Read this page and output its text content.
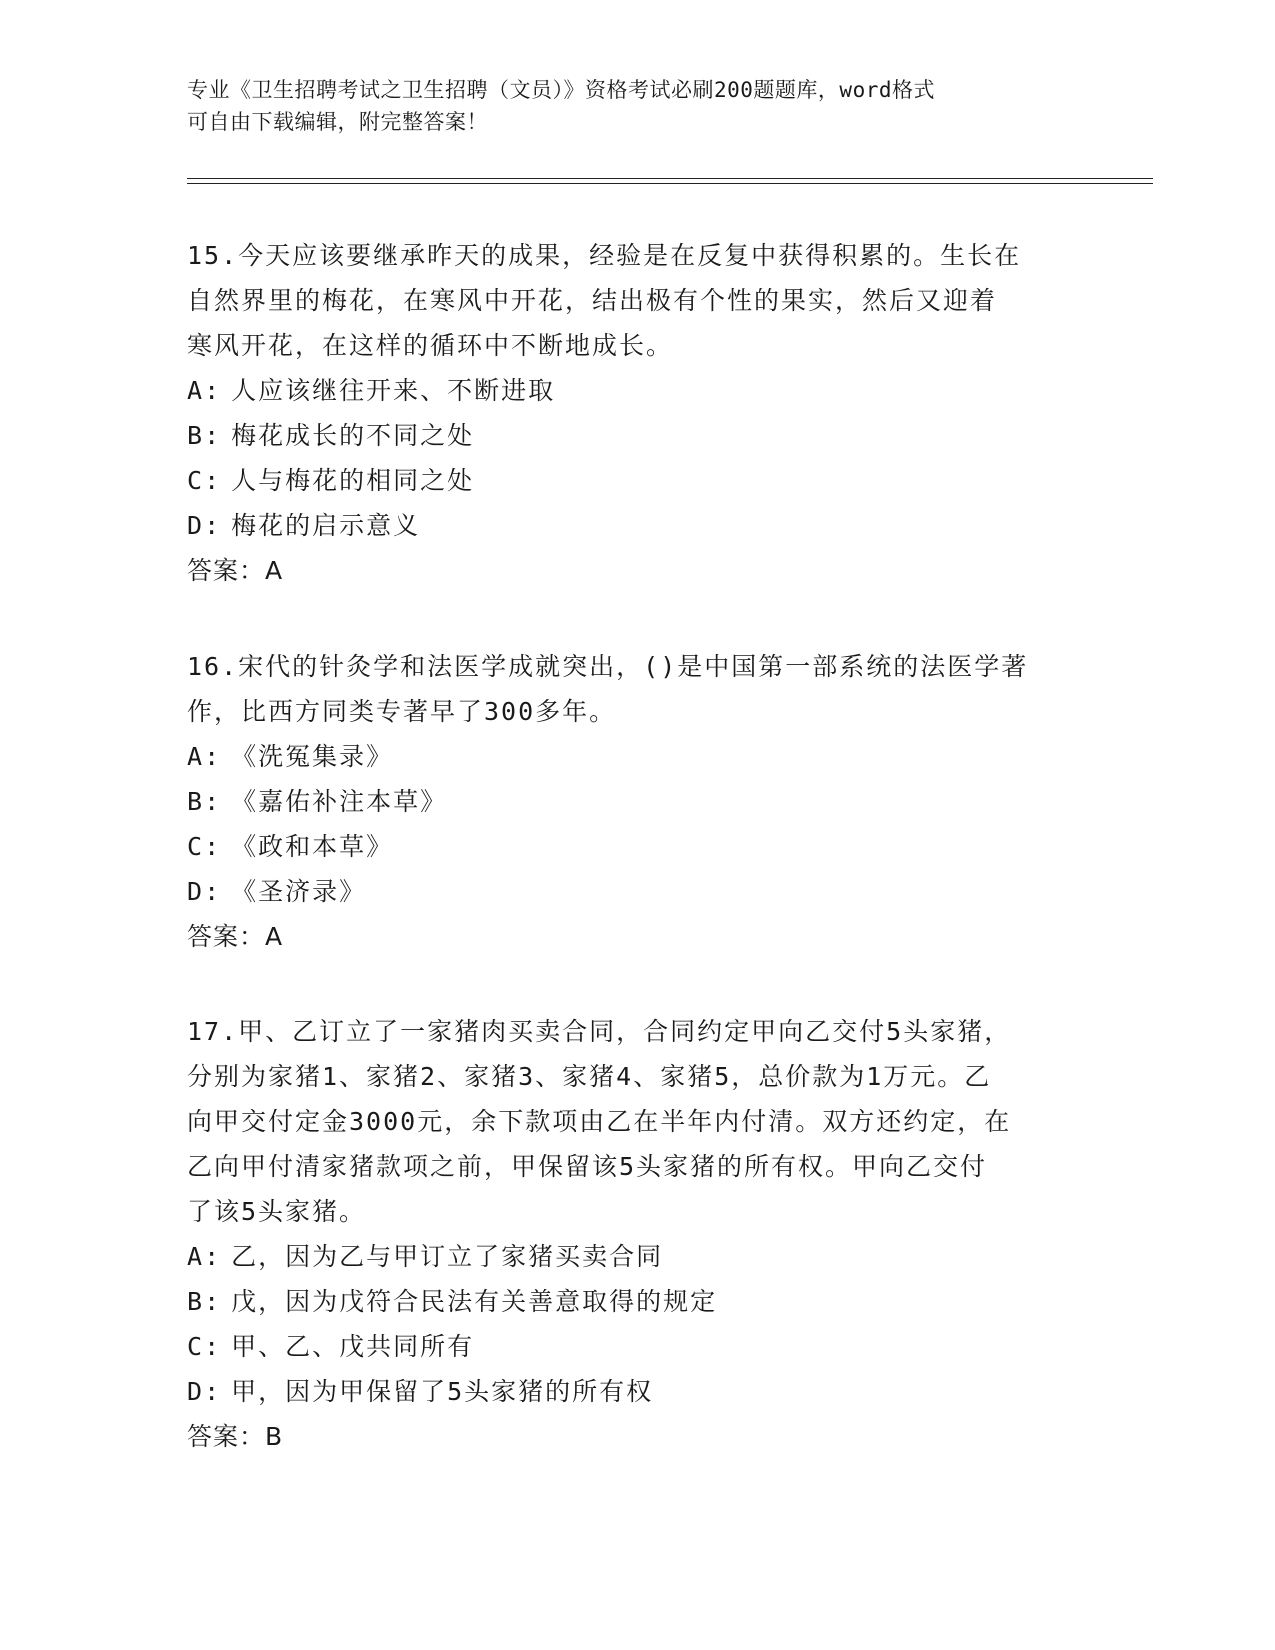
专业《卫生招聘考试之卫生招聘（文员）》资格考试必刷200题题库，word格式
可自由下载编辑，附完整答案！

15.今天应该要继承昨天的成果，经验是在反复中获得积累的。生长在

自然界里的梅花，在寒风中开花，结出极有个性的果实，然后又迎着

寒风开花，在这样的循环中不断地成长。

A: 人应该继往开来、不断进取

B: 梅花成长的不同之处

C: 人与梅花的相同之处

D: 梅花的启示意义

答案：A

16.宋代的针灸学和法医学成就突出，()是中国第一部系统的法医学著

作，比西方同类专著早了300多年。

A: 《洗冤集录》

B: 《嘉佑补注本草》

C: 《政和本草》

D: 《圣济录》

答案：A

17.甲、乙订立了一家猪肉买卖合同，合同约定甲向乙交付5头家猪，

分别为家猪1、家猪2、家猪3、家猪4、家猪5，总价款为1万元。乙

向甲交付定金3000元，余下款项由乙在半年内付清。双方还约定，在

乙向甲付清家猪款项之前，甲保留该5头家猪的所有权。甲向乙交付

了该5头家猪。

A: 乙，因为乙与甲订立了家猪买卖合同

B: 戊，因为戊符合民法有关善意取得的规定

C: 甲、乙、戊共同所有

D: 甲，因为甲保留了5头家猪的所有权

答案：B
